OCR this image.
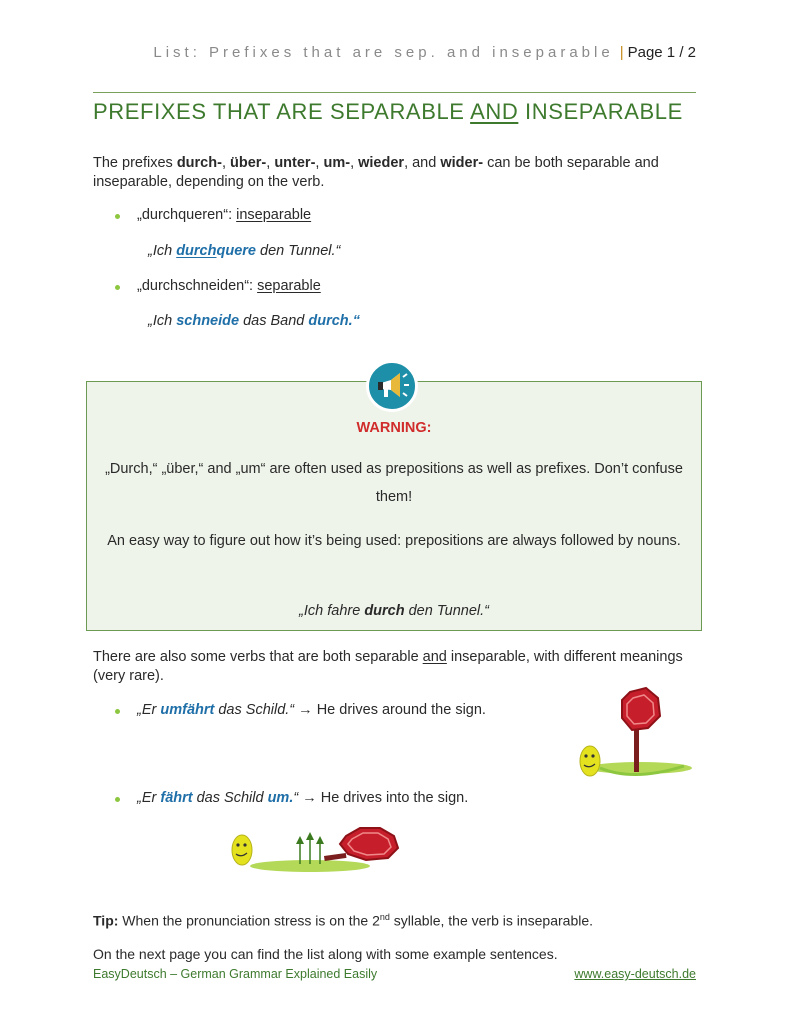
List: Prefixes that are sep. and inseparable | Page 1 / 2
PREFIXES THAT ARE SEPARABLE AND INSEPARABLE
The prefixes durch-, über-, unter-, um-, wieder, and wider- can be both separable and inseparable, depending on the verb.
„durchqueren“: inseparable
„Ich durchquere den Tunnel.“
„durchschneiden“: separable
„Ich schneide das Band durch.“
WARNING:
„Durch,“ „über,“ and „um“ are often used as prepositions as well as prefixes. Don’t confuse them!
An easy way to figure out how it’s being used: prepositions are always followed by nouns.
„Ich fahre durch den Tunnel.“
There are also some verbs that are both separable and inseparable, with different meanings (very rare).
„Er umfährt das Schild.“ → He drives around the sign.
„Er fährt das Schild um.“ → He drives into the sign.
Tip: When the pronunciation stress is on the 2nd syllable, the verb is inseparable.
On the next page you can find the list along with some example sentences.
EasyDeutsch – German Grammar Explained Easily	www.easy-deutsch.de
